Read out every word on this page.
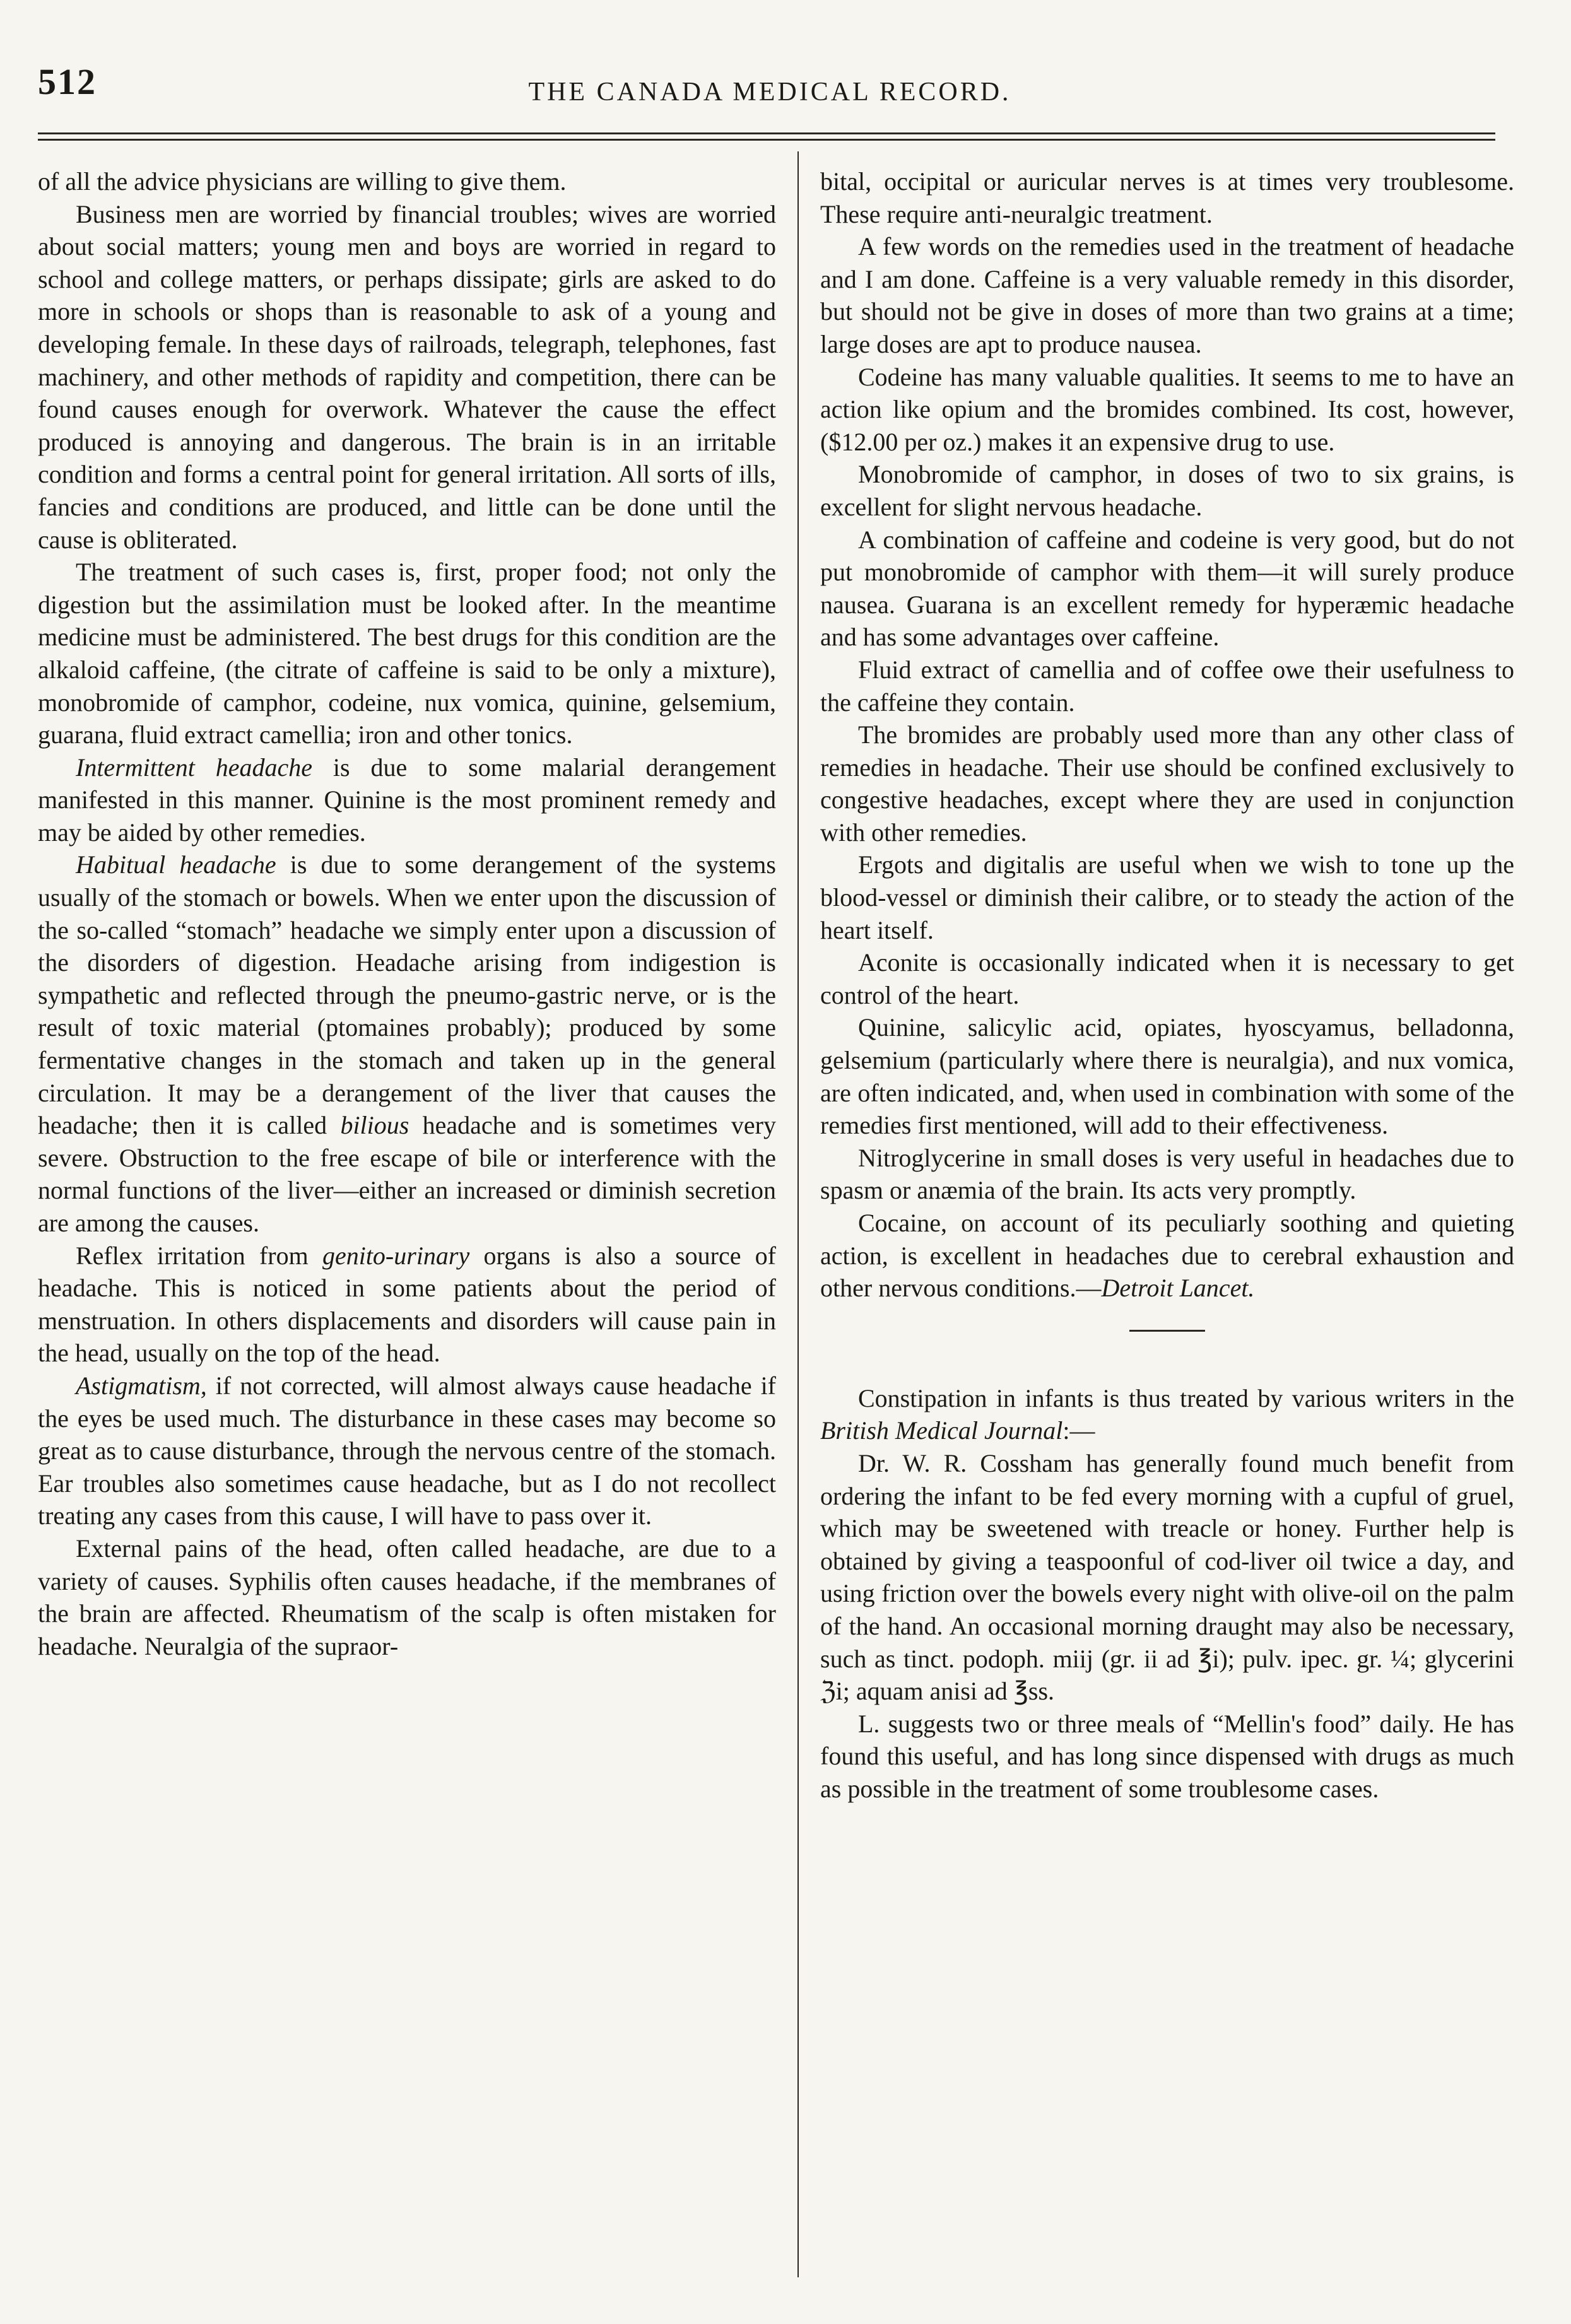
512	THE CANADA MEDICAL RECORD.

of all the advice physicians are willing to give them.

Business men are worried by financial troubles; wives are worried about social matters; young men and boys are worried in regard to school and college matters, or perhaps dissipate; girls are asked to do more in schools or shops than is reasonable to ask of a young and developing female. In these days of railroads, telegraph, telephones, fast machinery, and other methods of rapidity and competition, there can be found causes enough for overwork. Whatever the cause the effect produced is annoying and dangerous. The brain is in an irritable condition and forms a central point for general irritation. All sorts of ills, fancies and conditions are produced, and little can be done until the cause is obliterated.

The treatment of such cases is, first, proper food; not only the digestion but the assimilation must be looked after. In the meantime medicine must be administered. The best drugs for this condition are the alkaloid caffeine, (the citrate of caffeine is said to be only a mixture), monobromide of camphor, codeine, nux vomica, quinine, gelsemium, guarana, fluid extract camellia; iron and other tonics.

Intermittent headache is due to some malarial derangement manifested in this manner. Quinine is the most prominent remedy and may be aided by other remedies.

Habitual headache is due to some derangement of the systems usually of the stomach or bowels. When we enter upon the discussion of the so-called “stomach” headache we simply enter upon a discussion of the disorders of digestion. Headache arising from indigestion is sympathetic and reflected through the pneumo-gastric nerve, or is the result of toxic material (ptomaines probably); produced by some fermentative changes in the stomach and taken up in the general circulation. It may be a derangement of the liver that causes the headache; then it is called bilious headache and is sometimes very severe. Obstruction to the free escape of bile or interference with the normal functions of the liver—either an increased or diminish secretion are among the causes.

Reflex irritation from genito-urinary organs is also a source of headache. This is noticed in some patients about the period of menstruation. In others displacements and disorders will cause pain in the head, usually on the top of the head.

Astigmatism, if not corrected, will almost always cause headache if the eyes be used much. The disturbance in these cases may become so great as to cause disturbance, through the nervous centre of the stomach. Ear troubles also sometimes cause headache, but as I do not recollect treating any cases from this cause, I will have to pass over it.

External pains of the head, often called headache, are due to a variety of causes. Syphilis often causes headache, if the membranes of the brain are affected. Rheumatism of the scalp is often mistaken for headache. Neuralgia of the supraor-

bital, occipital or auricular nerves is at times very troublesome. These require anti-neuralgic treatment.

A few words on the remedies used in the treatment of headache and I am done. Caffeine is a very valuable remedy in this disorder, but should not be give in doses of more than two grains at a time; large doses are apt to produce nausea.

Codeine has many valuable qualities. It seems to me to have an action like opium and the bromides combined. Its cost, however, ($12.00 per oz.) makes it an expensive drug to use.

Monobromide of camphor, in doses of two to six grains, is excellent for slight nervous headache.

A combination of caffeine and codeine is very good, but do not put monobromide of camphor with them—it will surely produce nausea. Guarana is an excellent remedy for hyperæmic headache and has some advantages over caffeine.

Fluid extract of camellia and of coffee owe their usefulness to the caffeine they contain.

The bromides are probably used more than any other class of remedies in headache. Their use should be confined exclusively to congestive headaches, except where they are used in conjunction with other remedies.

Ergots and digitalis are useful when we wish to tone up the blood-vessel or diminish their calibre, or to steady the action of the heart itself.

Aconite is occasionally indicated when it is necessary to get control of the heart.

Quinine, salicylic acid, opiates, hyoscyamus, belladonna, gelsemium (particularly where there is neuralgia), and nux vomica, are often indicated, and, when used in combination with some of the remedies first mentioned, will add to their effectiveness.

Nitroglycerine in small doses is very useful in headaches due to spasm or anæmia of the brain. Its acts very promptly.

Cocaine, on account of its peculiarly soothing and quieting action, is excellent in headaches due to cerebral exhaustion and other nervous conditions.—Detroit Lancet.

Constipation in infants is thus treated by various writers in the British Medical Journal:—

Dr. W. R. Cossham has generally found much benefit from ordering the infant to be fed every morning with a cupful of gruel, which may be sweetened with treacle or honey. Further help is obtained by giving a teaspoonful of cod-liver oil twice a day, and using friction over the bowels every night with olive-oil on the palm of the hand. An occasional morning draught may also be necessary, such as tinct. podoph. miij (gr. ii ad ℥i); pulv. ipec. gr. ¼; glycerini ℨi; aquam anisi ad ℥ss.

L. suggests two or three meals of “Mellin's food” daily. He has found this useful, and has long since dispensed with drugs as much as possible in the treatment of some troublesome cases.
